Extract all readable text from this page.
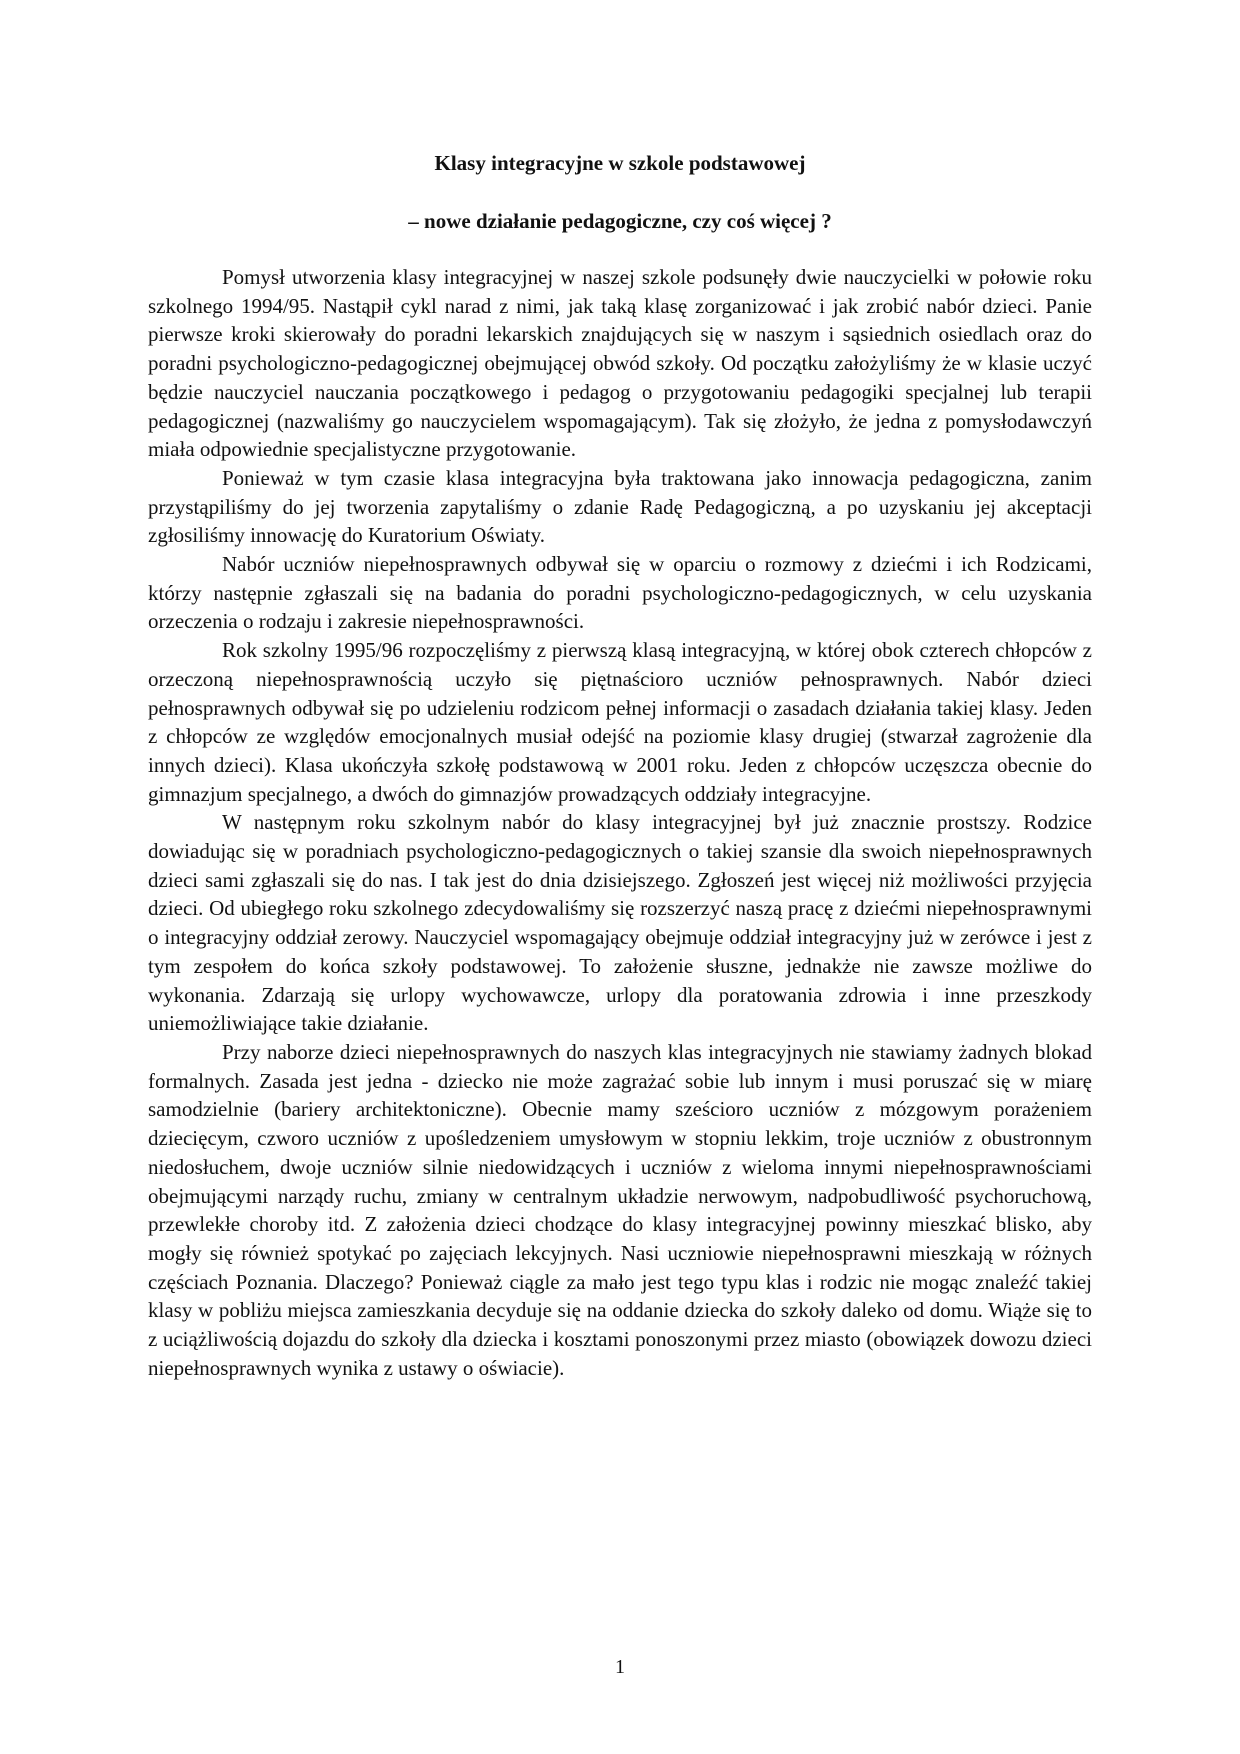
Klasy integracyjne w szkole podstawowej
– nowe działanie pedagogiczne, czy coś więcej ?

Pomysł utworzenia klasy integracyjnej w naszej szkole podsunęły dwie nauczycielki w połowie roku szkolnego 1994/95. Nastąpił cykl narad z nimi, jak taką klasę zorganizować i jak zrobić nabór dzieci. Panie pierwsze kroki skierowały do poradni lekarskich znajdujących się w naszym i sąsiednich osiedlach oraz do poradni psychologiczno-pedagogicznej obejmującej obwód szkoły. Od początku założyliśmy że w klasie uczyć będzie nauczyciel nauczania początkowego i pedagog o przygotowaniu pedagogiki specjalnej lub terapii pedagogicznej (nazwaliśmy go nauczycielem wspomagającym). Tak się złożyło, że jedna z pomysłodawczyń miała odpowiednie specjalistyczne przygotowanie.

Ponieważ w tym czasie klasa integracyjna była traktowana jako innowacja pedagogiczna, zanim przystąpiliśmy do jej tworzenia zapytaliśmy o zdanie Radę Pedagogiczną, a po uzyskaniu jej akceptacji zgłosiliśmy innowację do Kuratorium Oświaty.

Nabór uczniów niepełnosprawnych odbywał się w oparciu o rozmowy z dziećmi i ich Rodzicami, którzy następnie zgłaszali się na badania do poradni psychologiczno-pedagogicznych, w celu uzyskania orzeczenia o rodzaju i zakresie niepełnosprawności.

Rok szkolny 1995/96 rozpoczęliśmy z pierwszą klasą integracyjną, w której obok czterech chłopców z orzeczoną niepełnosprawnością uczyło się piętnaścioro uczniów pełnosprawnych. Nabór dzieci pełnosprawnych odbywał się po udzieleniu rodzicom pełnej informacji o zasadach działania takiej klasy. Jeden z chłopców ze względów emocjonalnych musiał odejść na poziomie klasy drugiej (stwarzał zagrożenie dla innych dzieci). Klasa ukończyła szkołę podstawową w 2001 roku. Jeden z chłopców uczęszcza obecnie do gimnazjum specjalnego, a dwóch do gimnazjów prowadzących oddziały integracyjne.

W następnym roku szkolnym nabór do klasy integracyjnej był już znacznie prostszy. Rodzice dowiadując się w poradniach psychologiczno-pedagogicznych o takiej szansie dla swoich niepełnosprawnych dzieci sami zgłaszali się do nas. I tak jest do dnia dzisiejszego. Zgłoszeń jest więcej niż możliwości przyjęcia dzieci. Od ubiegłego roku szkolnego zdecydowaliśmy się rozszerzyć naszą pracę z dziećmi niepełnosprawnymi o integracyjny oddział zerowy. Nauczyciel wspomagający obejmuje oddział integracyjny już w zerówce i jest z tym zespołem do końca szkoły podstawowej. To założenie słuszne, jednakże nie zawsze możliwe do wykonania. Zdarzają się urlopy wychowawcze, urlopy dla poratowania zdrowia i inne przeszkody uniemożliwiające takie działanie.

Przy naborze dzieci niepełnosprawnych do naszych klas integracyjnych nie stawiamy żadnych blokad formalnych. Zasada jest jedna - dziecko nie może zagrażać sobie lub innym i musi poruszać się w miarę samodzielnie (bariery architektoniczne). Obecnie mamy sześcioro uczniów z mózgowym porażeniem dziecięcym, czworo uczniów z upośledzeniem umysłowym w stopniu lekkim, troje uczniów z obustronnym niedosłuchem, dwoje uczniów silnie niedowidzących i uczniów z wieloma innymi niepełnosprawnościami obejmującymi narządy ruchu, zmiany w centralnym układzie nerwowym, nadpobudliwość psychoruchową, przewlekłe choroby itd. Z założenia dzieci chodzące do klasy integracyjnej powinny mieszkać blisko, aby mogły się również spotykać po zajęciach lekcyjnych. Nasi uczniowie niepełnosprawni mieszkają w różnych częściach Poznania. Dlaczego? Ponieważ ciągle za mało jest tego typu klas i rodzic nie mogąc znaleźć takiej klasy w pobliżu miejsca zamieszkania decyduje się na oddanie dziecka do szkoły daleko od domu. Wiąże się to z uciążliwością dojazdu do szkoły dla dziecka i kosztami ponoszonymi przez miasto (obowiązek dowozu dzieci niepełnosprawnych wynika z ustawy o oświacie).

1
